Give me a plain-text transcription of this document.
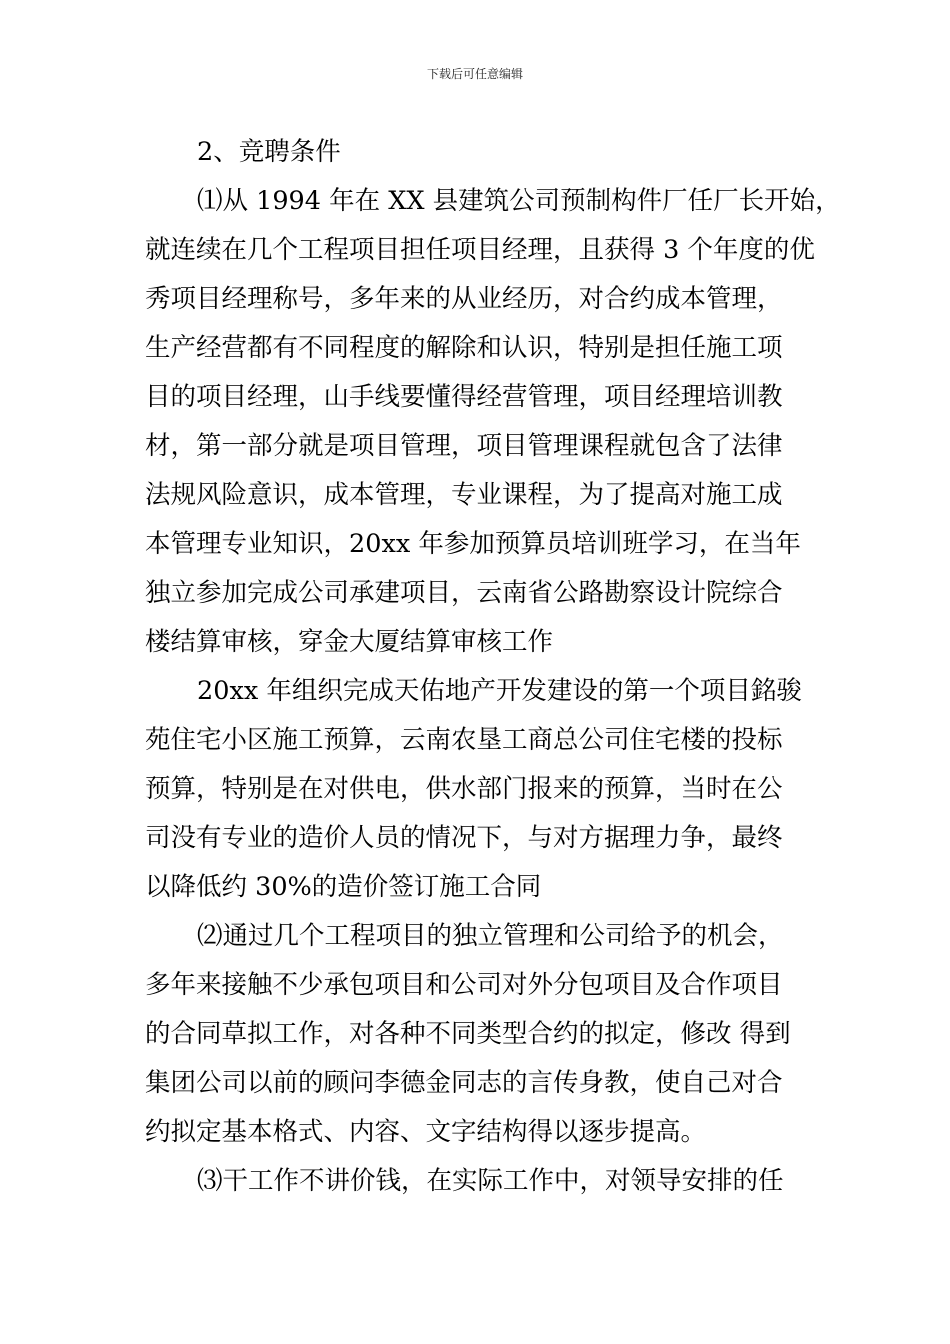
下载后可任意编辑
2、竞聘条件
⑴从 1994 年在 XX 县建筑公司预制构件厂任厂长开始，
就连续在几个工程项目担任项目经理，且获得 3 个年度的优
秀项目经理称号，多年来的从业经历，对合约成本管理，
生产经营都有不同程度的解除和认识，特别是担任施工项
目的项目经理，山手线要懂得经营管理，项目经理培训教
材，第一部分就是项目管理，项目管理课程就包含了法律
法规风险意识，成本管理，专业课程，为了提高对施工成
本管理专业知识，20xx 年参加预算员培训班学习，在当年
独立参加完成公司承建项目，云南省公路勘察设计院综合
楼结算审核，穿金大厦结算审核工作
20xx 年组织完成天佑地产开发建设的第一个项目銘骏
苑住宅小区施工预算，云南农垦工商总公司住宅楼的投标
预算，特别是在对供电，供水部门报来的预算，当时在公
司没有专业的造价人员的情况下，与对方据理力争，最终
以降低约 30%的造价签订施工合同
⑵通过几个工程项目的独立管理和公司给予的机会，
多年来接触不少承包项目和公司对外分包项目及合作项目
的合同草拟工作，对各种不同类型合约的拟定，修改 得到
集团公司以前的顾问李德金同志的言传身教，使自己对合
约拟定基本格式、内容、文字结构得以逐步提高。
⑶干工作不讲价钱，在实际工作中，对领导安排的任
